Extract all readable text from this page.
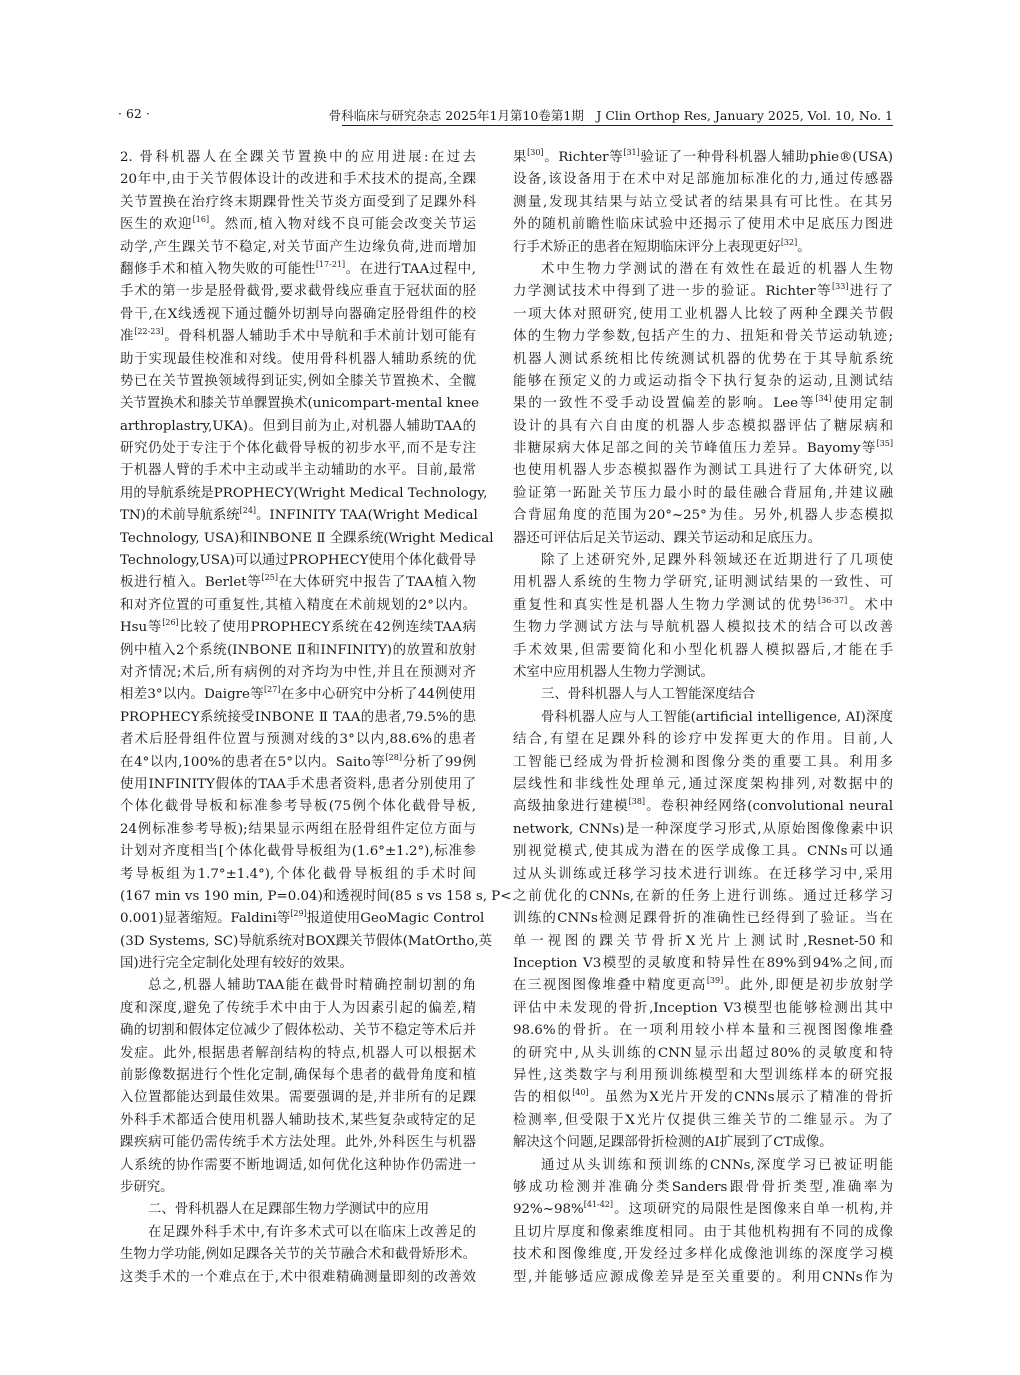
· 62 ·	骨科临床与研究杂志 2025年1月第10卷第1期　J Clin Orthop Res, January 2025, Vol. 10, No. 1
2. 骨科机器人在全踝关节置换中的应用进展:在过去
20年中,由于关节假体设计的改进和手术技术的提高,全踝
关节置换在治疗终末期踝骨性关节炎方面受到了足踝外科
医生的欢迎[16]。然而,植入物对线不良可能会改变关节运
动学,产生踝关节不稳定,对关节面产生边缘负荷,进而增加
翻修手术和植入物失败的可能性[17-21]。在进行TAA过程中,
手术的第一步是胫骨截骨,要求截骨线应垂直于冠状面的胫
骨干,在X线透视下通过髓外切割导向器确定胫骨组件的校
准[22-23]。骨科机器人辅助手术中导航和手术前计划可能有
助于实现最佳校准和对线。使用骨科机器人辅助系统的优
势已在关节置换领域得到证实,例如全膝关节置换术、全髋
关节置换术和膝关节单髁置换术(unicompart-mental knee
arthroplastry,UKA)。但到目前为止,对机器人辅助TAA的
研究仍处于专注于个体化截骨导板的初步水平,而不是专注
于机器人臂的手术中主动或半主动辅助的水平。目前,最常
用的导航系统是PROPHECY(Wright Medical Technology,
TN)的术前导航系统[24]。INFINITY TAA(Wright Medical
Technology, USA)和INBONE Ⅱ 全踝系统(Wright Medical
Technology,USA)可以通过PROPHECY使用个体化截骨导
板进行植入。Berlet等[25]在大体研究中报告了TAA植入物
和对齐位置的可重复性,其植入精度在术前规划的2°以内。
Hsu等[26]比较了使用PROPHECY系统在42例连续TAA病
例中植入2个系统(INBONE Ⅱ和INFINITY)的放置和放射
对齐情况;术后,所有病例的对齐均为中性,并且在预测对齐
相差3°以内。Daigre等[27]在多中心研究中分析了44例使用
PROPHECY系统接受INBONE Ⅱ TAA的患者,79.5%的患
者术后胫骨组件位置与预测对线的3°以内,88.6%的患者
在4°以内,100%的患者在5°以内。Saito等[28]分析了99例
使用INFINITY假体的TAA手术患者资料,患者分别使用了
个体化截骨导板和标准参考导板(75例个体化截骨导板,
24例标准参考导板);结果显示两组在胫骨组件定位方面与
计划对齐度相当[个体化截骨导板组为(1.6°±1.2°),标准参
考导板组为1.7°±1.4°),个体化截骨导板组的手术时间
(167 min vs 190 min, P=0.04)和透视时间(85 s vs 158 s, P<
0.001)显著缩短。Faldini等[29]报道使用GeoMagic Control
(3D Systems, SC)导航系统对BOX踝关节假体(MatOrtho,英
国)进行完全定制化处理有较好的效果。
总之,机器人辅助TAA能在截骨时精确控制切割的角
度和深度,避免了传统手术中由于人为因素引起的偏差,精
确的切割和假体定位减少了假体松动、关节不稳定等术后并
发症。此外,根据患者解剖结构的特点,机器人可以根据术
前影像数据进行个性化定制,确保每个患者的截骨角度和植
入位置都能达到最佳效果。需要强调的是,并非所有的足踝
外科手术都适合使用机器人辅助技术,某些复杂或特定的足
踝疾病可能仍需传统手术方法处理。此外,外科医生与机器
人系统的协作需要不断地调适,如何优化这种协作仍需进一
步研究。
二、骨科机器人在足踝部生物力学测试中的应用
在足踝外科手术中,有许多术式可以在临床上改善足的
生物力学功能,例如足踝各关节的关节融合术和截骨矫形术。
这类手术的一个难点在于,术中很难精确测量即刻的改善效
果[30]。Richter等[31]验证了一种骨科机器人辅助phie®(USA)
设备,该设备用于在术中对足部施加标准化的力,通过传感器
测量,发现其结果与站立受试者的结果具有可比性。在其另
外的随机前瞻性临床试验中还揭示了使用术中足底压力图进
行手术矫正的患者在短期临床评分上表现更好[32]。
术中生物力学测试的潜在有效性在最近的机器人生物
力学测试技术中得到了进一步的验证。Richter等[33]进行了
一项大体对照研究,使用工业机器人比较了两种全踝关节假
体的生物力学参数,包括产生的力、扭矩和骨关节运动轨迹;
机器人测试系统相比传统测试机器的优势在于其导航系统
能够在预定义的力或运动指令下执行复杂的运动,且测试结
果的一致性不受手动设置偏差的影响。Lee等[34]使用定制
设计的具有六自由度的机器人步态模拟器评估了糖尿病和
非糖尿病大体足部之间的关节峰值压力差异。Bayomy等[35]
也使用机器人步态模拟器作为测试工具进行了大体研究,以
验证第一跖趾关节压力最小时的最佳融合背屈角,并建议融
合背屈角度的范围为20°~25°为佳。另外,机器人步态模拟
器还可评估后足关节运动、踝关节运动和足底压力。
除了上述研究外,足踝外科领域还在近期进行了几项使
用机器人系统的生物力学研究,证明测试结果的一致性、可
重复性和真实性是机器人生物力学测试的优势[36-37]。术中
生物力学测试方法与导航机器人模拟技术的结合可以改善
手术效果,但需要简化和小型化机器人模拟器后,才能在手
术室中应用机器人生物力学测试。
三、骨科机器人与人工智能深度结合
骨科机器人应与人工智能(artificial intelligence, AI)深度
结合,有望在足踝外科的诊疗中发挥更大的作用。目前,人
工智能已经成为骨折检测和图像分类的重要工具。利用多
层线性和非线性处理单元,通过深度架构排列,对数据中的
高级抽象进行建模[38]。卷积神经网络(convolutional neural
network, CNNs)是一种深度学习形式,从原始图像像素中识
别视觉模式,使其成为潜在的医学成像工具。CNNs可以通
过从头训练或迁移学习技术进行训练。在迁移学习中,采用
之前优化的CNNs,在新的任务上进行训练。通过迁移学习
训练的CNNs检测足踝骨折的准确性已经得到了验证。当在
单一视图的踝关节骨折X光片上测试时,Resnet-50和
Inception V3模型的灵敏度和特异性在89%到94%之间,而
在三视图图像堆叠中精度更高[39]。此外,即便是初步放射学
评估中未发现的骨折,Inception V3模型也能够检测出其中
98.6%的骨折。在一项利用较小样本量和三视图图像堆叠
的研究中,从头训练的CNN显示出超过80%的灵敏度和特
异性,这类数字与利用预训练模型和大型训练样本的研究报
告的相似[40]。虽然为X光片开发的CNNs展示了精准的骨折
检测率,但受限于X光片仅提供三维关节的二维显示。为了
解决这个问题,足踝部骨折检测的AI扩展到了CT成像。
通过从头训练和预训练的CNNs,深度学习已被证明能
够成功检测并准确分类Sanders跟骨骨折类型,准确率为
92%~98%[41-42]。这项研究的局限性是图像来自单一机构,并
且切片厚度和像素维度相同。由于其他机构拥有不同的成像
技术和图像维度,开发经过多样化成像池训练的深度学习模
型,并能够适应源成像差异是至关重要的。利用CNNs作为
